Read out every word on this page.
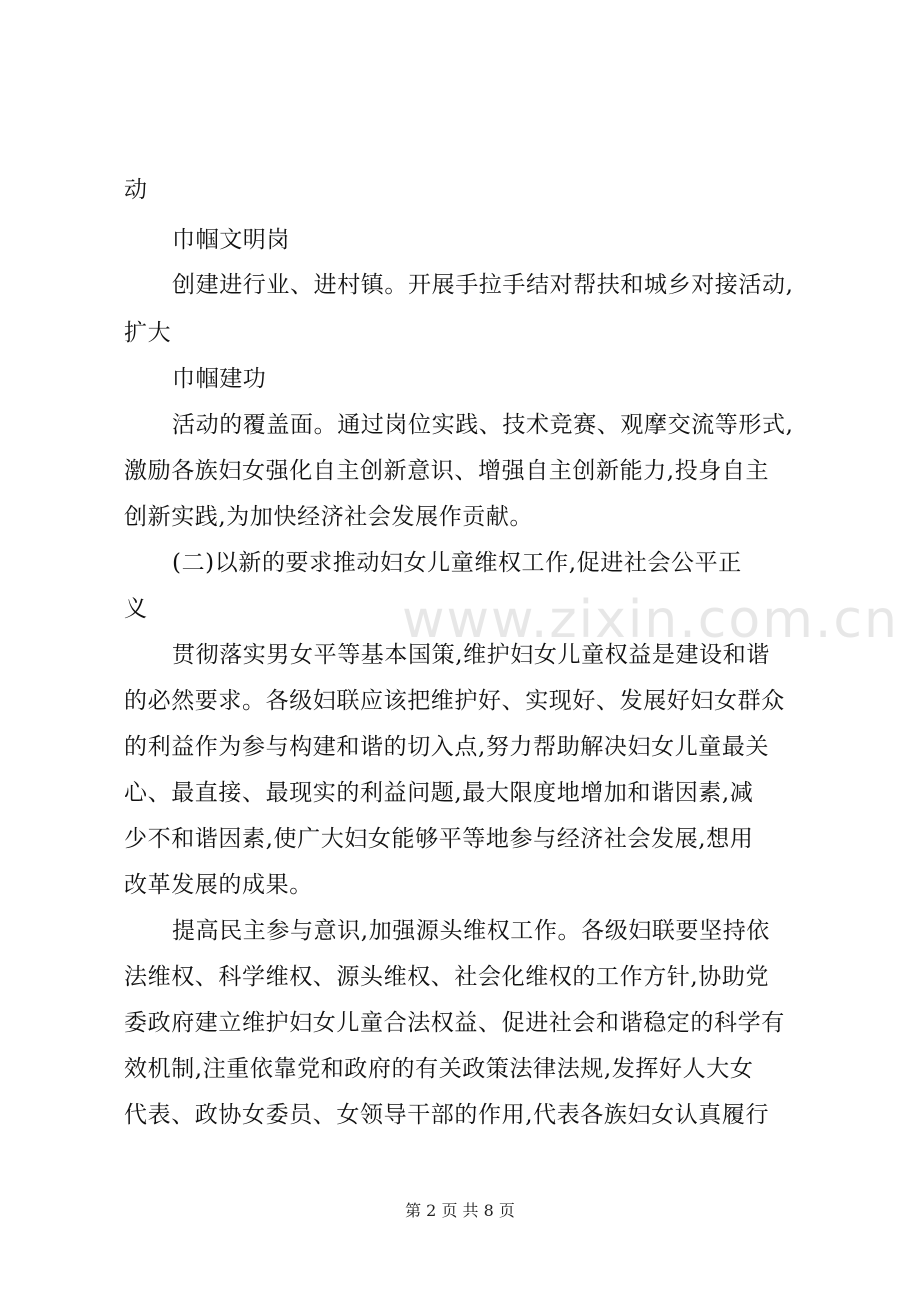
www.zixin.com.cn
动
巾帼文明岗
创建进行业、进村镇。开展手拉手结对帮扶和城乡对接活动,
扩大
巾帼建功
活动的覆盖面。通过岗位实践、技术竞赛、观摩交流等形式,
激励各族妇女强化自主创新意识、增强自主创新能力,投身自主
创新实践,为加快经济社会发展作贡献。
(二)以新的要求推动妇女儿童维权工作,促进社会公平正
义
贯彻落实男女平等基本国策,维护妇女儿童权益是建设和谐
的必然要求。各级妇联应该把维护好、实现好、发展好妇女群众
的利益作为参与构建和谐的切入点,努力帮助解决妇女儿童最关
心、最直接、最现实的利益问题,最大限度地增加和谐因素,减
少不和谐因素,使广大妇女能够平等地参与经济社会发展,想用
改革发展的成果。
提高民主参与意识,加强源头维权工作。各级妇联要坚持依
法维权、科学维权、源头维权、社会化维权的工作方针,协助党
委政府建立维护妇女儿童合法权益、促进社会和谐稳定的科学有
效机制,注重依靠党和政府的有关政策法律法规,发挥好人大女
代表、政协女委员、女领导干部的作用,代表各族妇女认真履行
第 2 页 共 8 页
